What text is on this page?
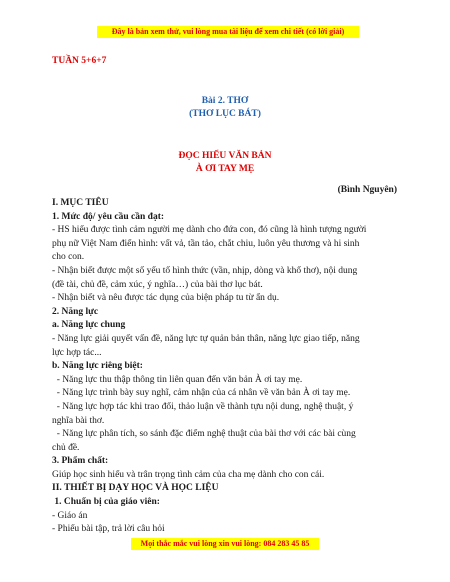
Đây là bản xem thử, vui lòng mua tài liệu để xem chi tiết (có lời giải)
TUẦN 5+6+7
Bài 2. THƠ
(THƠ LỤC BÁT)
ĐỌC HIỂU VĂN BẢN
À ƠI TAY MẸ
(Bình Nguyên)

I. MỤC TIÊU

1. Mức độ/ yêu cầu cần đạt:

- HS hiểu được tình cảm người mẹ dành cho đứa con, đó cũng là hình tượng người

phụ nữ Việt Nam điển hình: vất vả, tần tảo, chắt chiu, luôn yêu thương và hi sinh

cho con.

- Nhận biết được một số yếu tố hình thức (vần, nhịp, dòng và khổ thơ), nội dung

(đề tài, chủ đề, cảm xúc, ý nghĩa…) của bài thơ lục bát.

- Nhận biết và nêu được tác dụng của biện pháp tu từ ẩn dụ.

2. Năng lực

a. Năng lực chung

- Năng lực giải quyết vấn đề, năng lực tự quản bản thân, năng lực giao tiếp, năng

lực hợp tác...

b. Năng lực riêng biệt:

- Năng lực thu thập thông tin liên quan đến văn bản À ơi tay mẹ.

- Năng lực trình bày suy nghĩ, cảm nhận của cá nhân về văn bản À ơi tay mẹ.

- Năng lực hợp tác khi trao đổi, thảo luận về thành tựu nội dung, nghệ thuật, ý

nghĩa bài thơ.

- Năng lực phân tích, so sánh đặc điểm nghệ thuật của bài thơ với các bài cùng

chủ đề.

3. Phẩm chất:

Giúp học sinh hiểu và trân trọng tình cảm của cha mẹ dành cho con cái.

II. THIẾT BỊ DẠY HỌC VÀ HỌC LIỆU

1. Chuẩn bị của giáo viên:

- Giáo án

- Phiếu bài tập, trả lời câu hỏi

Mọi thắc mắc vui lòng xin vui lòng: 084 283 45 85
